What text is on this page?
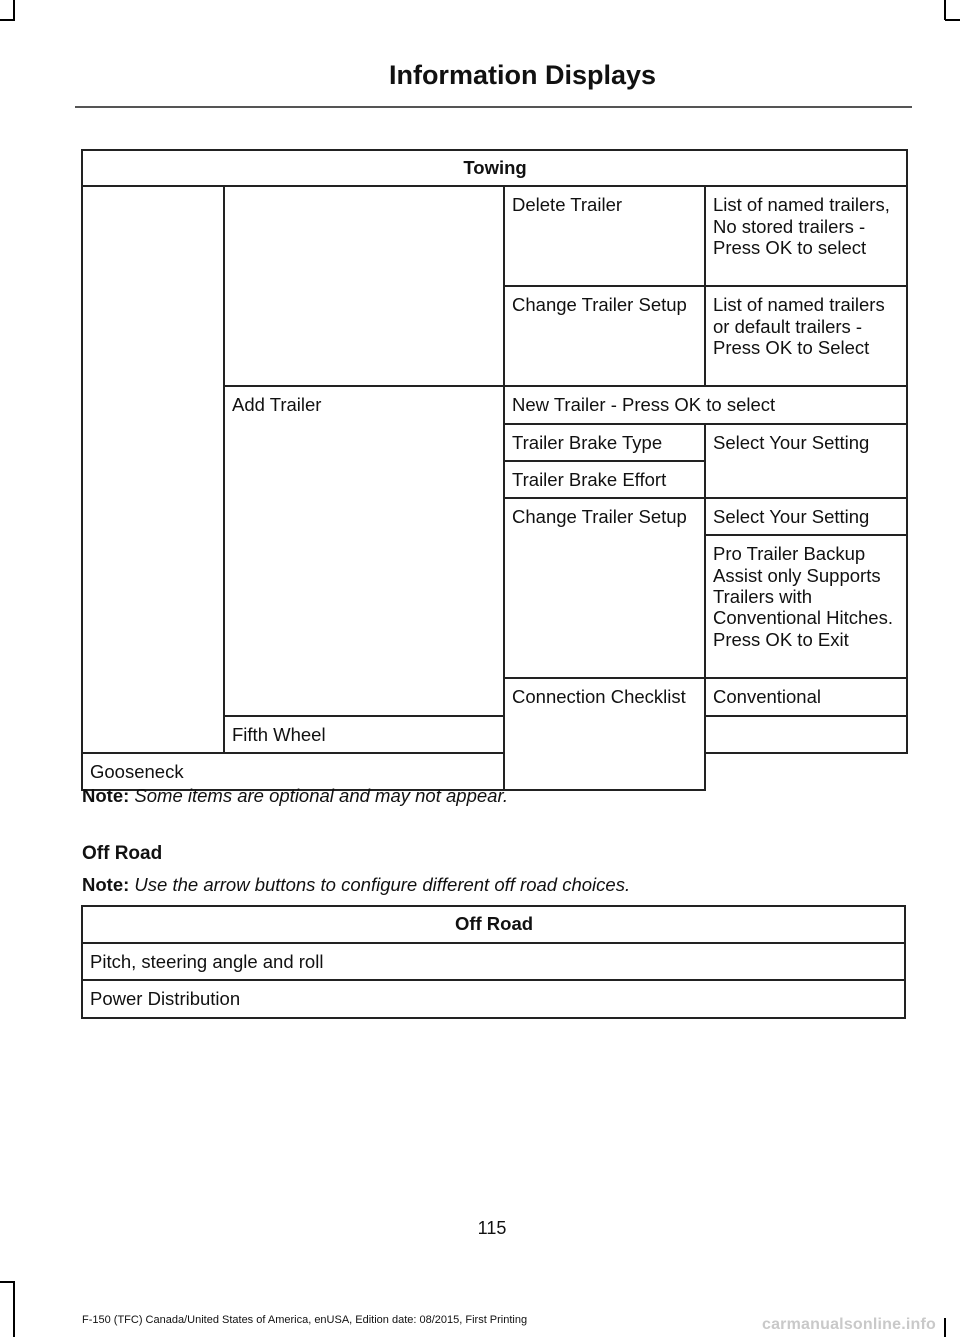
Information Displays
Towing			
		Delete Trailer	List of named trailers, No stored trailers - Press OK to select
		Change Trailer Setup	List of named trailers or default trailers - Press OK to Select
	Add Trailer	New Trailer - Press OK to select	
		Trailer Brake Type	Select Your Setting
		Trailer Brake Effort	
		Change Trailer Setup	Select Your Setting
			Pro Trailer Backup Assist only Supports Trailers with Conventional Hitches. Press OK to Exit
		Connection Checklist	Conventional
	Fifth Wheel		
Gooseneck			
Note: Some items are optional and may not appear.
Off Road
Note: Use the arrow buttons to configure different off road choices.
Off Road
Pitch, steering angle and roll
Power Distribution
115
F-150 (TFC) Canada/United States of America, enUSA, Edition date: 08/2015, First Printing	carmanualsonline.info
